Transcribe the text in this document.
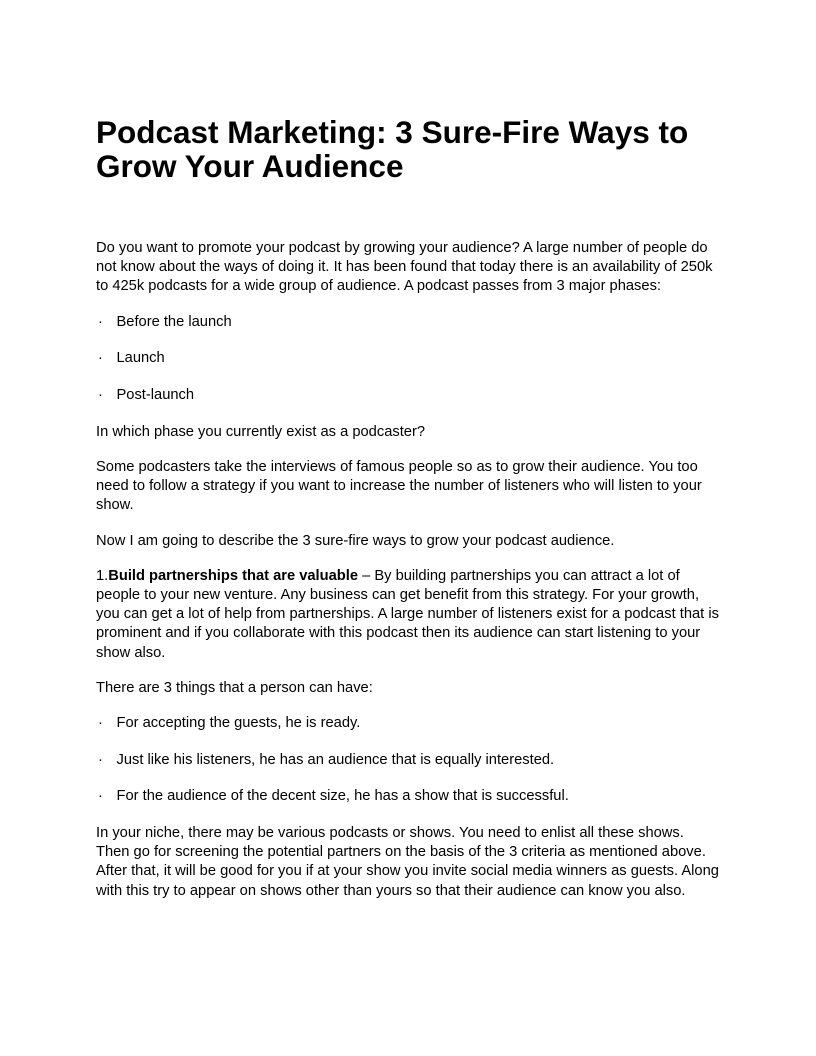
Podcast Marketing: 3 Sure-Fire Ways to Grow Your Audience

Do you want to promote your podcast by growing your audience? A large number of people do not know about the ways of doing it. It has been found that today there is an availability of 250k to 425k podcasts for a wide group of audience. A podcast passes from 3 major phases:

· Before the launch
· Launch
· Post-launch

In which phase you currently exist as a podcaster?

Some podcasters take the interviews of famous people so as to grow their audience. You too need to follow a strategy if you want to increase the number of listeners who will listen to your show.

Now I am going to describe the 3 sure-fire ways to grow your podcast audience.

1.Build partnerships that are valuable – By building partnerships you can attract a lot of people to your new venture. Any business can get benefit from this strategy. For your growth, you can get a lot of help from partnerships. A large number of listeners exist for a podcast that is prominent and if you collaborate with this podcast then its audience can start listening to your show also.

There are 3 things that a person can have:

· For accepting the guests, he is ready.
· Just like his listeners, he has an audience that is equally interested.
· For the audience of the decent size, he has a show that is successful.

In your niche, there may be various podcasts or shows. You need to enlist all these shows. Then go for screening the potential partners on the basis of the 3 criteria as mentioned above. After that, it will be good for you if at your show you invite social media winners as guests. Along with this try to appear on shows other than yours so that their audience can know you also.
